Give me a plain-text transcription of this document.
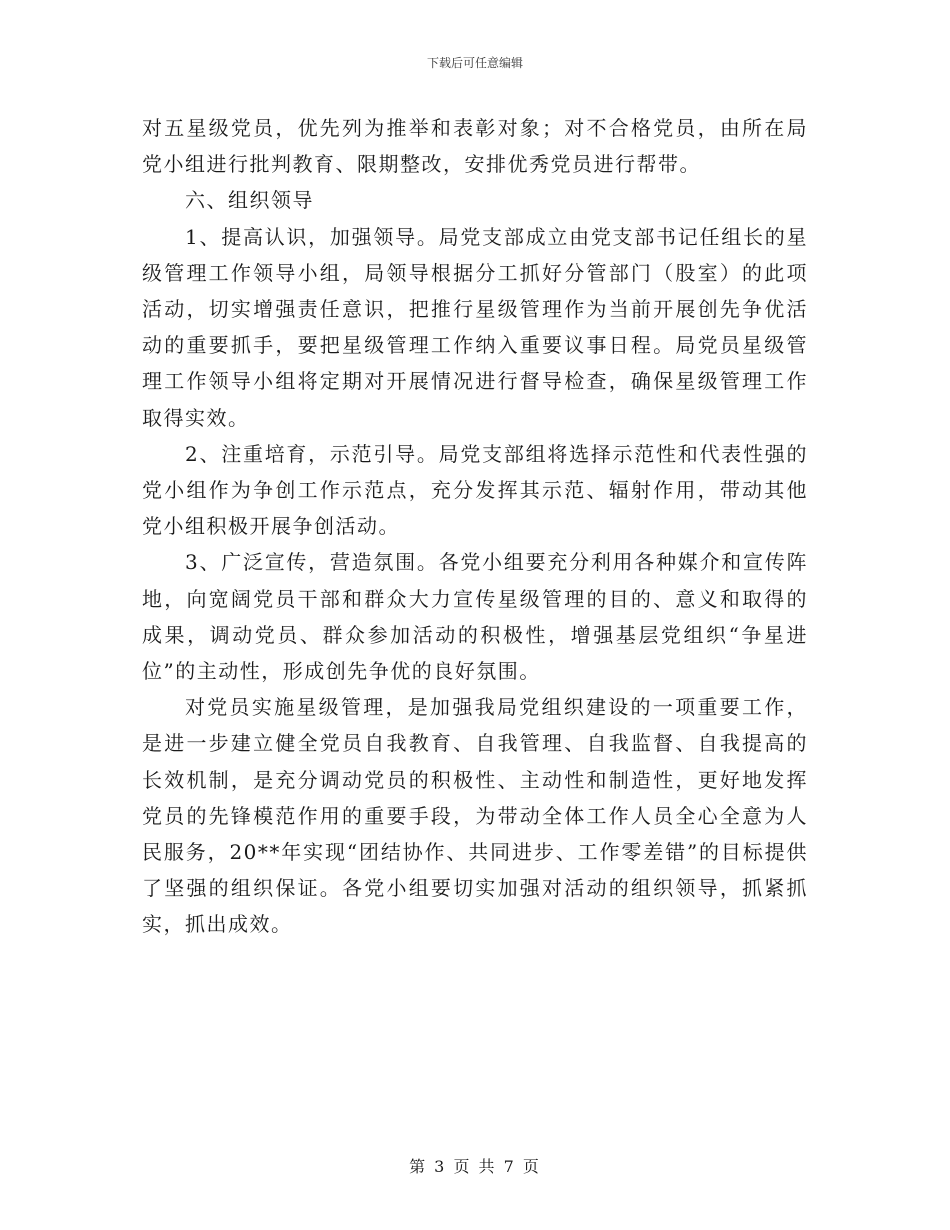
下载后可任意编辑

对五星级党员，优先列为推举和表彰对象；对不合格党员，由所在局党小组进行批判教育、限期整改，安排优秀党员进行帮带。

六、组织领导

1、提高认识，加强领导。局党支部成立由党支部书记任组长的星级管理工作领导小组，局领导根据分工抓好分管部门（股室）的此项活动，切实增强责任意识，把推行星级管理作为当前开展创先争优活动的重要抓手，要把星级管理工作纳入重要议事日程。局党员星级管理工作领导小组将定期对开展情况进行督导检查，确保星级管理工作取得实效。

2、注重培育，示范引导。局党支部组将选择示范性和代表性强的党小组作为争创工作示范点，充分发挥其示范、辐射作用，带动其他党小组积极开展争创活动。

3、广泛宣传，营造氛围。各党小组要充分利用各种媒介和宣传阵地，向宽阔党员干部和群众大力宣传星级管理的目的、意义和取得的成果，调动党员、群众参加活动的积极性，增强基层党组织“争星进位”的主动性，形成创先争优的良好氛围。

对党员实施星级管理，是加强我局党组织建设的一项重要工作，是进一步建立健全党员自我教育、自我管理、自我监督、自我提高的长效机制，是充分调动党员的积极性、主动性和制造性，更好地发挥党员的先锋模范作用的重要手段，为带动全体工作人员全心全意为人民服务，20**年实现“团结协作、共同进步、工作零差错”的目标提供了坚强的组织保证。各党小组要切实加强对活动的组织领导，抓紧抓实，抓出成效。

第 3 页 共 7 页
